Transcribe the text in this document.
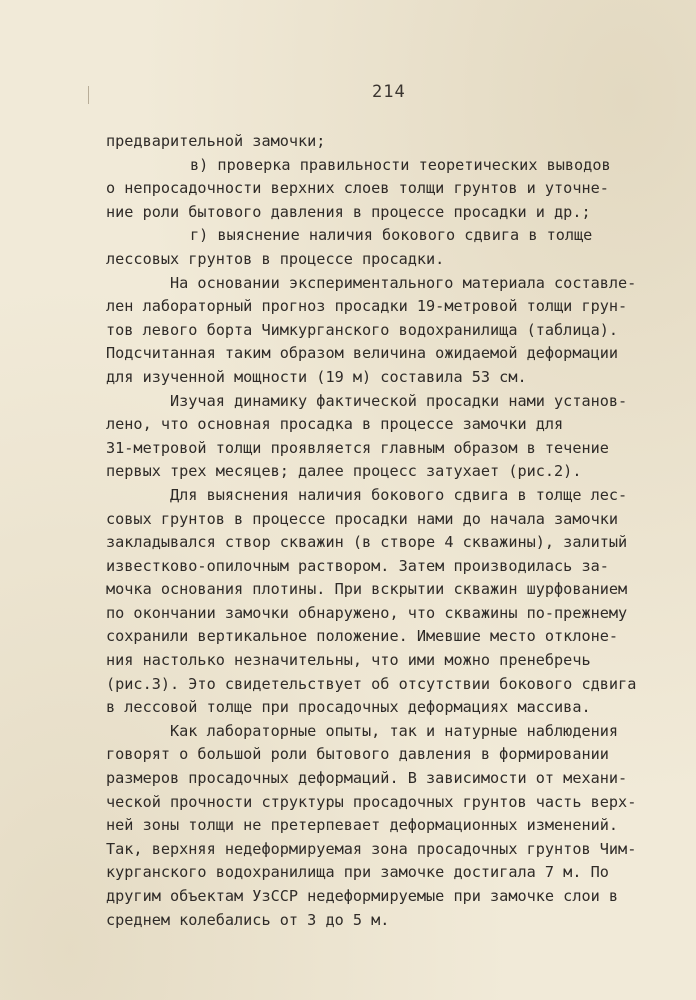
214
предварительной замочки;
в) проверка правильности теоретических выводов
о непросадочности верхних слоев толщи грунтов и уточне-
ние роли бытового давления в процессе просадки и др.;
г) выяснение наличия бокового сдвига в толще
лессовых грунтов в процессе просадки.
На основании экспериментального материала составле-
лен лабораторный прогноз просадки 19-метровой толщи грун-
тов левого борта Чимкурганского водохранилища (таблица).
Подсчитанная таким образом величина ожидаемой деформации
для изученной мощности (19 м) составила 53 см.
Изучая динамику фактической просадки нами установ-
лено, что основная просадка в процессе замочки для
31-метровой толщи проявляется главным образом в течение
первых трех месяцев; далее процесс затухает (рис.2).
Для выяснения наличия бокового сдвига в толще лес-
совых грунтов в процессе просадки нами до начала замочки
закладывался створ скважин (в створе 4 скважины), залитый
известково-опилочным раствором. Затем производилась за-
мочка основания плотины. При вскрытии скважин шурфованием
по окончании замочки обнаружено, что скважины по-прежнему
сохранили вертикальное положение. Имевшие место отклоне-
ния настолько незначительны, что ими можно пренебречь
(рис.3). Это свидетельствует об отсутствии бокового сдвига
в лессовой толще при просадочных деформациях массива.
Как лабораторные опыты, так и натурные наблюдения
говорят о большой роли бытового давления в формировании
размеров просадочных деформаций. В зависимости от механи-
ческой прочности структуры просадочных грунтов часть верх-
ней зоны толщи не претерпевает деформационных изменений.
Так, верхняя недеформируемая зона просадочных грунтов Чим-
курганского водохранилища при замочке достигала 7 м. По
другим объектам УзССР недеформируемые при замочке слои в
среднем колебались от 3 до 5 м.
